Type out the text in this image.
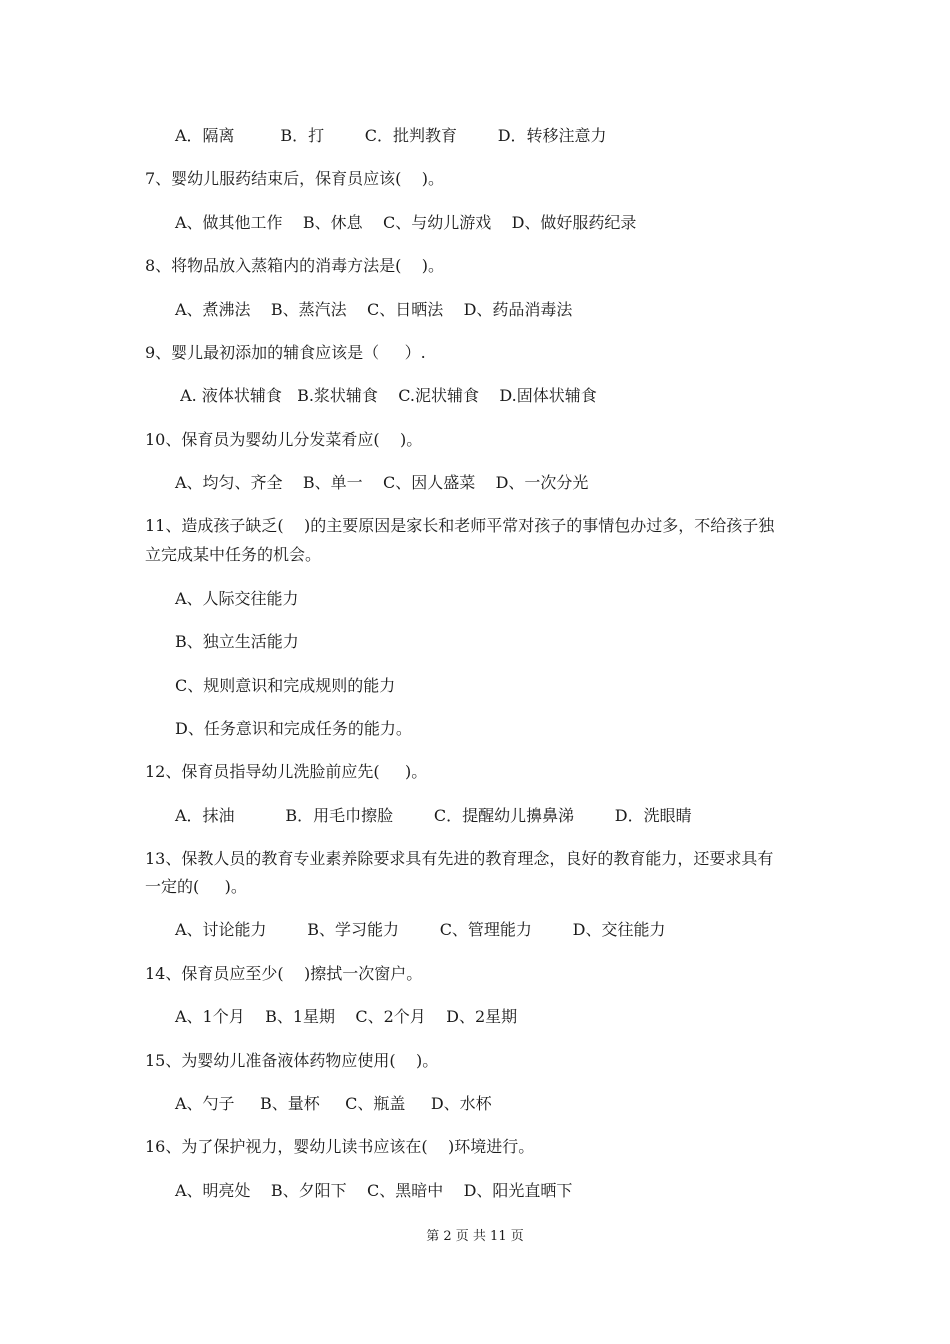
A．隔离         B．打        C．批判教育        D．转移注意力
7、婴幼儿服药结束后，保育员应该(    )。
A、做其他工作    B、休息    C、与幼儿游戏    D、做好服药纪录
8、将物品放入蒸箱内的消毒方法是(    )。
A、煮沸法    B、蒸汽法    C、日晒法    D、药品消毒法
9、婴儿最初添加的辅食应该是（     ）.
A. 液体状辅食   B.浆状辅食    C.泥状辅食    D.固体状辅食
10、保育员为婴幼儿分发菜肴应(    )。
A、均匀、齐全    B、单一    C、因人盛菜    D、一次分光
11、造成孩子缺乏(    )的主要原因是家长和老师平常对孩子的事情包办过多，不给孩子独
立完成某中任务的机会。
A、人际交往能力
B、独立生活能力
C、规则意识和完成规则的能力
D、任务意识和完成任务的能力。
12、保育员指导幼儿洗脸前应先(     )。
A．抹油          B．用毛巾擦脸        C．提醒幼儿擤鼻涕        D．洗眼睛
13、保教人员的教育专业素养除要求具有先进的教育理念，良好的教育能力，还要求具有
一定的(     )。
A、讨论能力        B、学习能力        C、管理能力        D、交往能力
14、保育员应至少(    )擦拭一次窗户。
A、1个月    B、1星期    C、2个月    D、2星期
15、为婴幼儿准备液体药物应使用(    )。
A、勺子     B、量杯     C、瓶盖     D、水杯
16、为了保护视力，婴幼儿读书应该在(    )环境进行。
A、明亮处    B、夕阳下    C、黑暗中    D、阳光直晒下
第 2 页 共 11 页
